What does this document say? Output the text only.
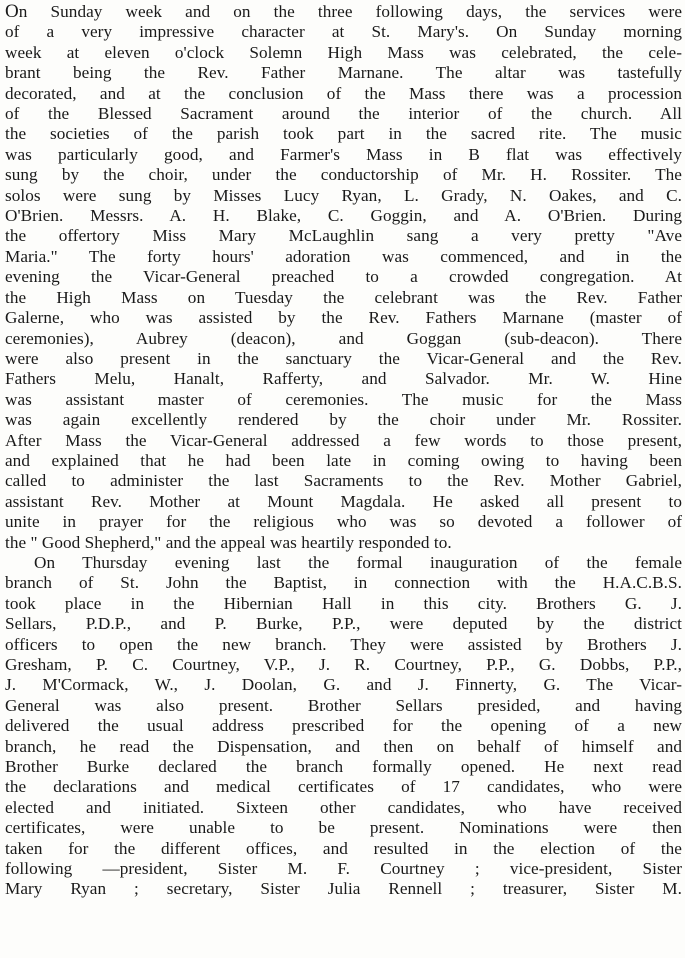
On Sunday week and on the three following days, the services were
of a very impressive character at St. Mary's. On Sunday morning
week at eleven o'clock Solemn High Mass was celebrated, the cele-
brant being the Rev. Father Marnane. The altar was tastefully
decorated, and at the conclusion of the Mass there was a procession
of the Blessed Sacrament around the interior of the church. All
the societies of the parish took part in the sacred rite. The music
was particularly good, and Farmer's Mass in B flat was effectively
sung by the choir, under the conductorship of Mr. H. Rossiter. The
solos were sung by Misses Lucy Ryan, L. Grady, N. Oakes, and C.
O'Brien. Messrs. A. H. Blake, C. Goggin, and A. O'Brien. During
the offertory Miss Mary McLaughlin sang a very pretty "Ave
Maria." The forty hours' adoration was commenced, and in the
evening the Vicar-General preached to a crowded congregation. At
the High Mass on Tuesday the celebrant was the Rev. Father
Galerne, who was assisted by the Rev. Fathers Marnane (master of
ceremonies), Aubrey (deacon), and Goggan (sub-deacon). There
were also present in the sanctuary the Vicar-General and the Rev.
Fathers Melu, Hanalt, Rafferty, and Salvador. Mr. W. Hine
was assistant master of ceremonies. The music for the Mass
was again excellently rendered by the choir under Mr. Rossiter.
After Mass the Vicar-General addressed a few words to those present,
and explained that he had been late in coming owing to having been
called to administer the last Sacraments to the Rev. Mother Gabriel,
assistant Rev. Mother at Mount Magdala. He asked all present to
unite in prayer for the religious who was so devoted a follower of
the " Good Shepherd," and the appeal was heartily responded to.
On Thursday evening last the formal inauguration of the female
branch of St. John the Baptist, in connection with the H.A.C.B.S.
took place in the Hibernian Hall in this city. Brothers G. J.
Sellars, P.D.P., and P. Burke, P.P., were deputed by the district
officers to open the new branch. They were assisted by Brothers J.
Gresham, P. C. Courtney, V.P., J. R. Courtney, P.P., G. Dobbs, P.P.,
J. M'Cormack, W., J. Doolan, G. and J. Finnerty, G. The Vicar-
General was also present. Brother Sellars presided, and having
delivered the usual address prescribed for the opening of a new
branch, he read the Dispensation, and then on behalf of himself and
Brother Burke declared the branch formally opened. He next read
the declarations and medical certificates of 17 candidates, who were
elected and initiated. Sixteen other candidates, who have received
certificates, were unable to be present. Nominations were then
taken for the different offices, and resulted in the election of the
following —president, Sister M. F. Courtney ; vice-president, Sister
Mary Ryan ; secretary, Sister Julia Rennell ; treasurer, Sister M.
